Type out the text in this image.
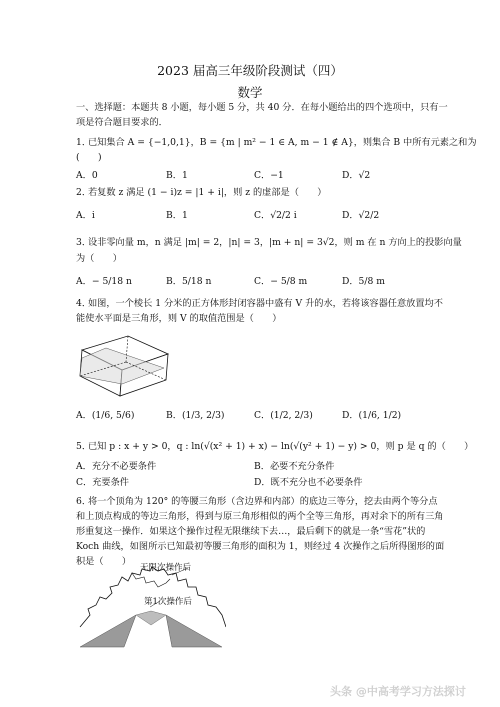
2023 届高三年级阶段测试（四）
数学
一、选择题：本题共 8 小题，每小题 5 分，共 40 分．在每小题给出的四个选项中，只有一
项是符合题目要求的．
1．
已知集合 A = {−1,0,1}，B = {m | m² − 1 ∈ A, m − 1 ∉ A}，则集合 B 中所有元素之和为
(　　)
A．0	B．1	C．−1	D．√2
2．
若复数 z 满足 (1 − i)z = |1 + i|，则 z 的虚部是（　　）
A．i	B．1	C．√2/2 i	D．√2/2
3．
设非零向量 m，n 满足 |m| = 2，|n| = 3，|m + n| = 3√2，则 m 在 n 方向上的投影向量
为（　　）
A．− 5/18 n	B．5/18 n	C．− 5/8 m	D．5/8 m
4．
如图，一个棱长 1 分米的正方体形封闭容器中盛有 V 升的水，若将该容器任意放置均不
能使水平面是三角形，则 V 的取值范围是（　　）
A．(1/6, 5/6)	B．(1/3, 2/3)	C．(1/2, 2/3)	D．(1/6, 1/2)
5．
已知 p : x + y > 0，q : ln(√(x² + 1) + x) − ln(√(y² + 1) − y) > 0，则 p 是 q 的（　　）
A．充分不必要条件	B．必要不充分条件
C．充要条件	D．既不充分也不必要条件
6．
将一个顶角为 120° 的等腰三角形（含边界和内部）的底边三等分，挖去由两个等分点
和上顶点构成的等边三角形，得到与原三角形相似的两个全等三角形，再对余下的所有三角
形重复这一操作．如果这个操作过程无限继续下去…，最后剩下的就是一条“雪花”状的
Koch 曲线，如图所示已知最初等腰三角形的面积为 1，则经过 4 次操作之后所得图形的面
积是（　　）
无限次操作后
第1次操作后
头条 @中高考学习方法探讨
